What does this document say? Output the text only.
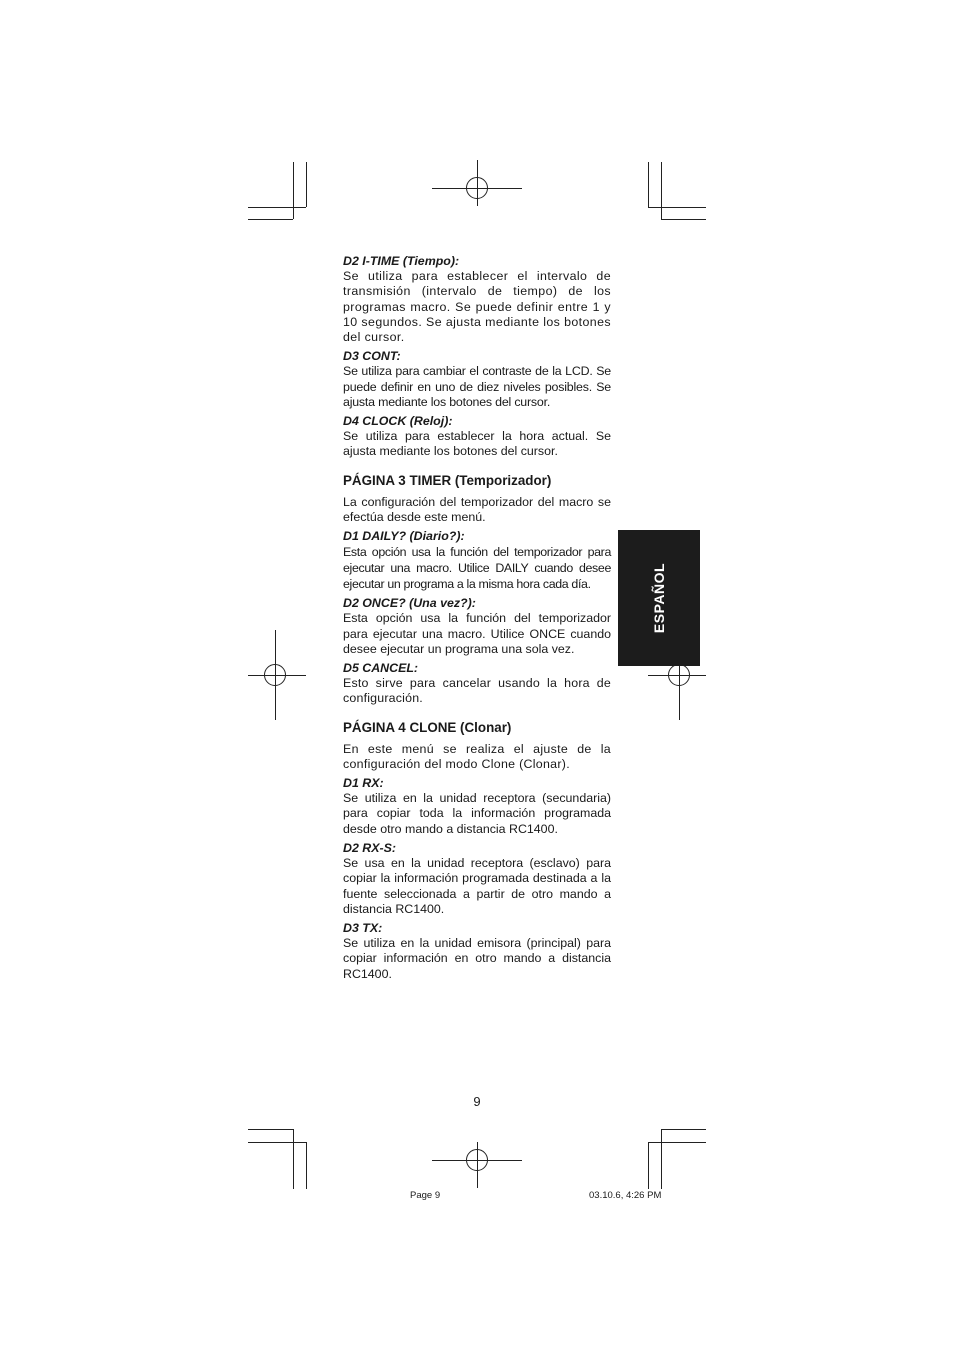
ESPAÑOL

D2 I-TIME (Tiempo):

Se utiliza para establecer el intervalo de transmisión (intervalo de tiempo) de los programas macro. Se puede definir entre 1 y 10 segundos. Se ajusta mediante los botones del cursor.

D3 CONT:

Se utiliza para cambiar el contraste de la LCD. Se puede definir en uno de diez niveles posibles. Se ajusta mediante los botones del cursor.

D4 CLOCK (Reloj):

Se utiliza para establecer la hora actual. Se ajusta mediante los botones del cursor.

PÁGINA 3 TIMER (Temporizador)

La configuración del temporizador del macro se efectúa desde este menú.

D1 DAILY? (Diario?):

Esta opción usa la función del temporizador para ejecutar una macro. Utilice DAILY cuando desee ejecutar un programa a la misma hora cada día.

D2 ONCE? (Una vez?):

Esta opción usa la función del temporizador para ejecutar una macro. Utilice ONCE cuando desee ejecutar un programa una sola vez.

D5 CANCEL:

Esto sirve para cancelar usando la hora de configuración.

PÁGINA 4 CLONE (Clonar)

En este menú se realiza el ajuste de la configuración del modo Clone (Clonar).

D1 RX:

Se utiliza en la unidad receptora (secundaria) para copiar toda la información programada desde otro mando a distancia RC1400.

D2 RX-S:

Se usa en la unidad receptora (esclavo) para copiar la información programada destinada a la fuente seleccionada a partir de otro mando a distancia RC1400.

D3 TX:

Se utiliza en la unidad emisora (principal) para copiar información en otro mando a distancia RC1400.

9
Page 9	03.10.6, 4:26 PM
